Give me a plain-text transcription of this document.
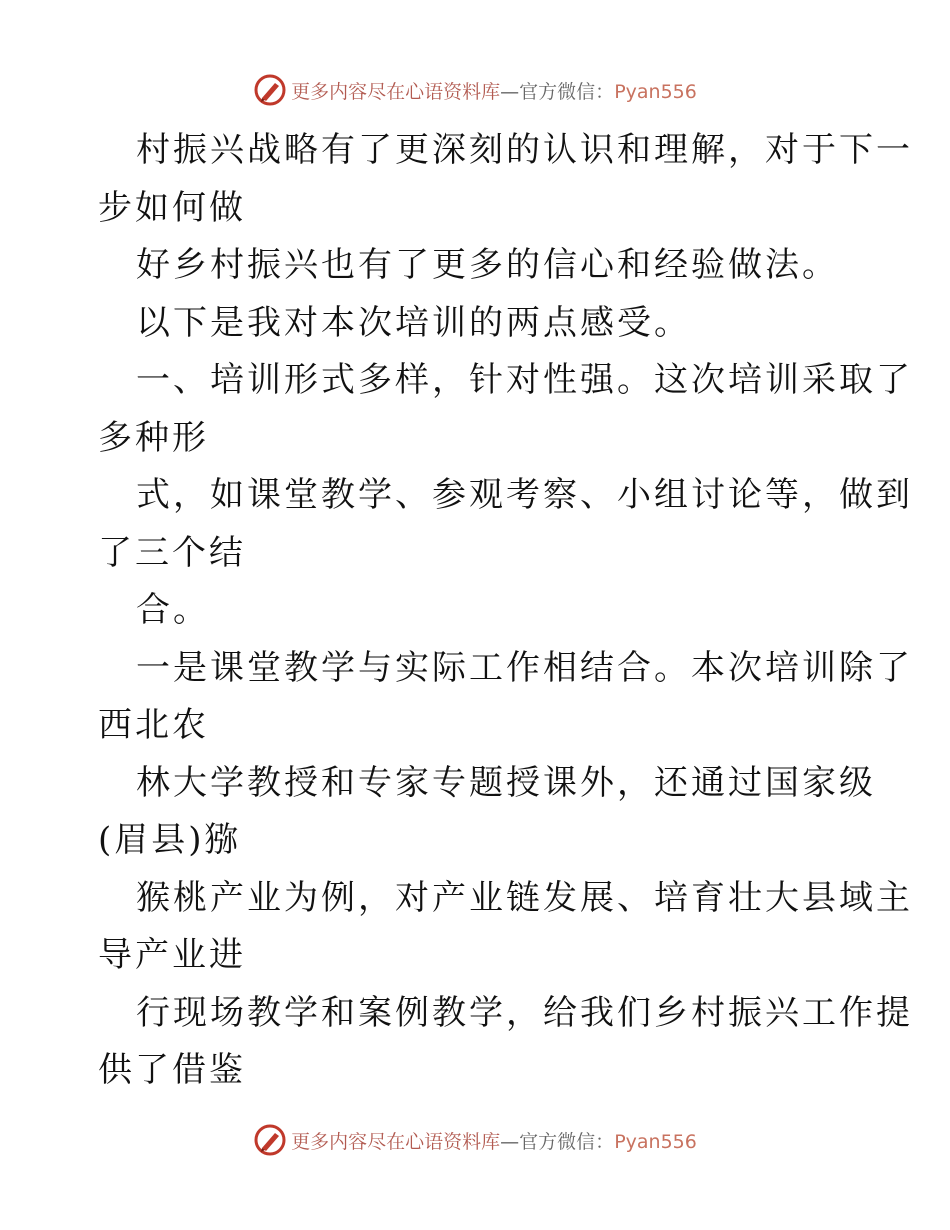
更多内容尽在心语资料库—官方微信：Pyan556
村振兴战略有了更深刻的认识和理解，对于下一
步如何做
好乡村振兴也有了更多的信心和经验做法。
以下是我对本次培训的两点感受。
一、培训形式多样，针对性强。这次培训采取了
多种形
式，如课堂教学、参观考察、小组讨论等，做到
了三个结
合。
一是课堂教学与实际工作相结合。本次培训除了
西北农
林大学教授和专家专题授课外，还通过国家级
(眉县)猕
猴桃产业为例，对产业链发展、培育壮大县域主
导产业进
行现场教学和案例教学，给我们乡村振兴工作提
供了借鉴
更多内容尽在心语资料库—官方微信：Pyan556
